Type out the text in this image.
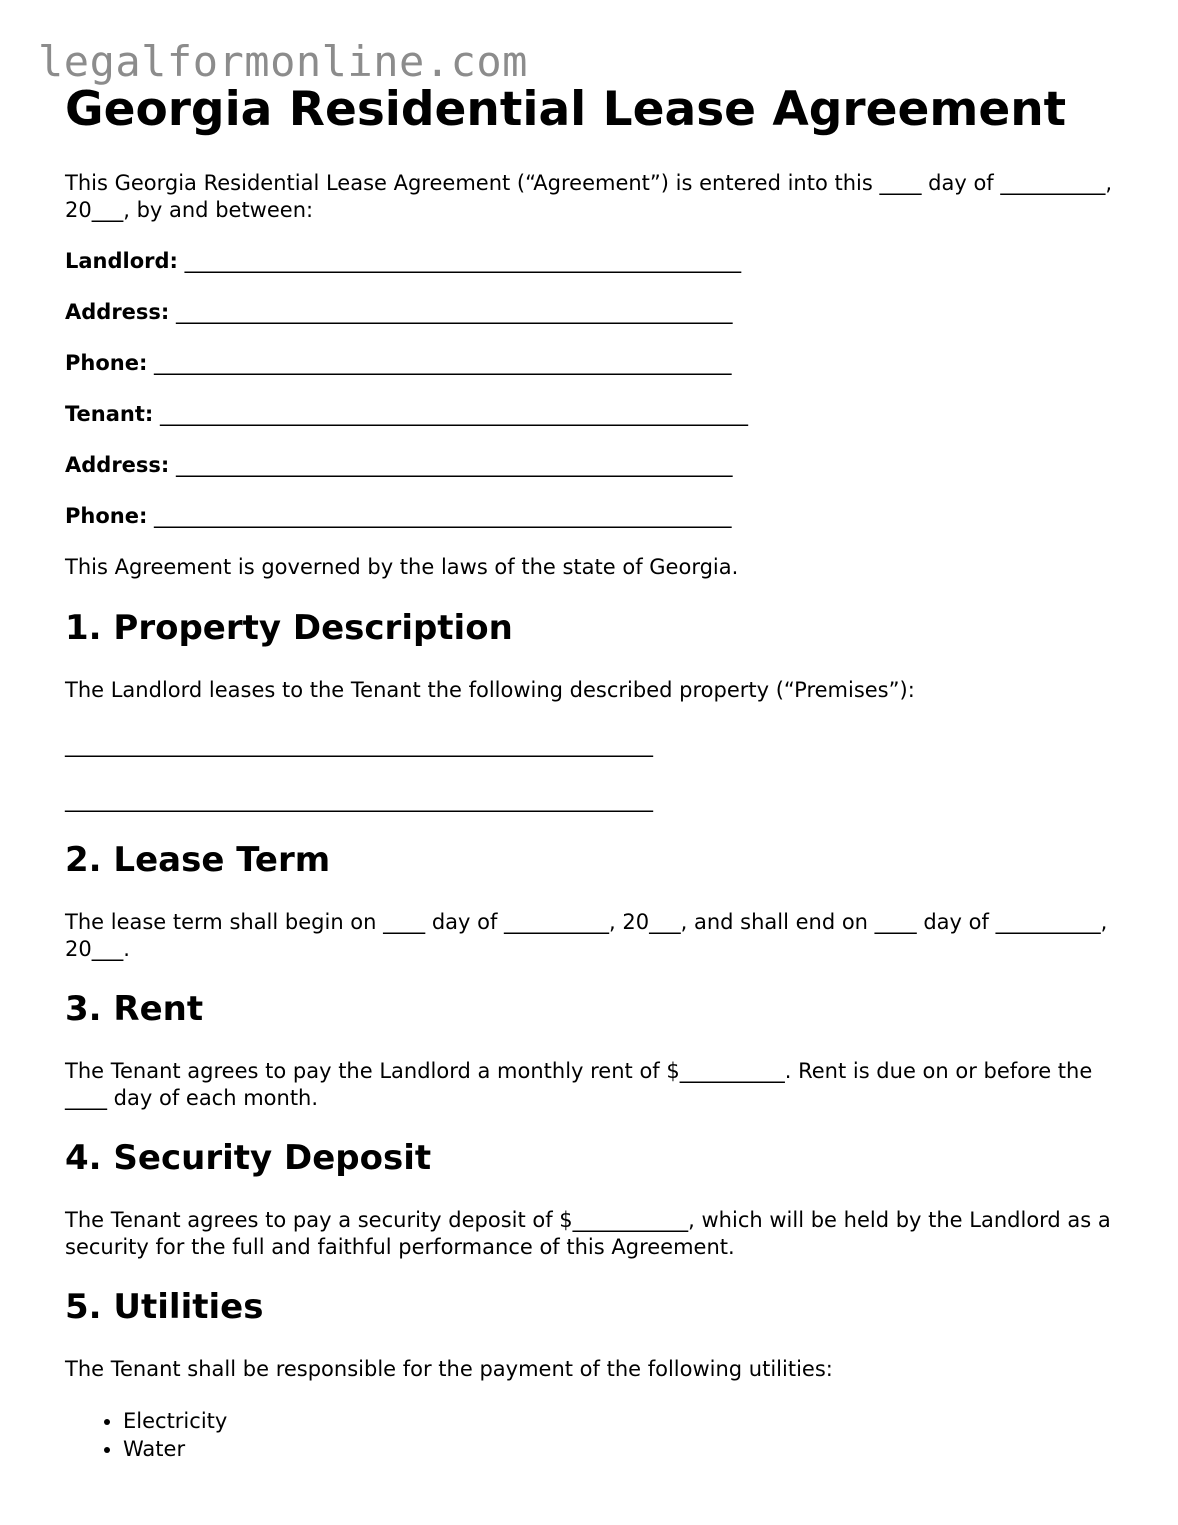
legalformonline.com
Georgia Residential Lease Agreement

This Georgia Residential Lease Agreement (“Agreement”) is entered into this ____ day of __________, 20___, by and between:

Landlord: _____________________________________________________

Address: _____________________________________________________

Phone: _______________________________________________________

Tenant: ________________________________________________________

Address: _____________________________________________________

Phone: _______________________________________________________

This Agreement is governed by the laws of the state of Georgia.

1. Property Description

The Landlord leases to the Tenant the following described property (“Premises”):

________________________________________________________

________________________________________________________

2. Lease Term

The lease term shall begin on ____ day of __________, 20___, and shall end on ____ day of __________, 20___.

3. Rent

The Tenant agrees to pay the Landlord a monthly rent of $__________. Rent is due on or before the ____ day of each month.

4. Security Deposit

The Tenant agrees to pay a security deposit of $___________, which will be held by the Landlord as a security for the full and faithful performance of this Agreement.

5. Utilities

The Tenant shall be responsible for the payment of the following utilities:

• Electricity
• Water
